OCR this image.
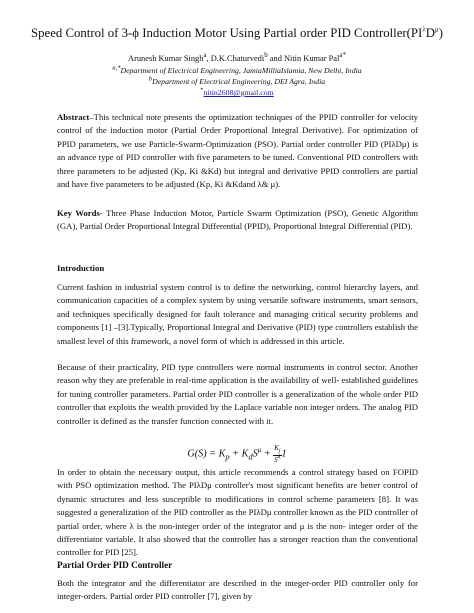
Speed Control of 3-ϕ Induction Motor Using Partial order PID $Controller(PI^\lambda D^\mu)$
Arunesh Kumar Singh$^a$, D.K.Chaturvedi$^b$ and Nitin Kumar Pal$^{a*}$
$^{a,*}$Department of Electrical Engineering, JamiaMilliaIslamia, New Delhi, India
$^b$Department of Electrical Engineering, DEI Agra, India
*nitin2608@gmail.com
Abstract–This technical note presents the optimization techniques of the PPID controller for velocity control of the induction motor (Partial Order Proportional Integral Derivative). For optimization of PPID parameters, we use Particle-Swarm-Optimization (PSO). Partial order controller PID (PIλDμ) is an advance type of PID controller with five parameters to be tuned. Conventional PID controllers with three parameters to be adjusted (Kp, Ki &Kd) but integral and derivative PPID controllers are partial and have five parameters to be adjusted (Kp, Ki &Kdand λ& μ).
Key Words- Three Phase Induction Motor, Particle Swarm Optimization (PSO), Genetic Algorithm (GA), Partial Order Proportional Integral Differential (PPID), Proportional Integral Differential (PID).
Introduction
Current fashion in industrial system control is to define the networking, control hierarchy layers, and communication capacities of a complex system by using versatile software instruments, smart sensors, and techniques specifically designed for fault tolerance and managing critical security problems and components [1] –[3].Typically, Proportional Integral and Derivative (PID) type controllers establish the smallest level of this framework, a novel form of which is addressed in this article.
Because of their practicality, PID type controllers were normal instruments in control sector. Another reason why they are preferable in real-time application is the availability of well- established guidelines for tuning controller parameters. Partial order PID controller is a generalization of the whole order PID controller that exploits the wealth provided by the Laplace variable non integer orders. The analog PID controller is defined as the transfer function connected with it.
$G(S) = K_p + K_dS^\mu + \frac{K_i}{S^\lambda} 1$
In order to obtain the necessary output, this article recommends a control strategy based on FOPID with PSO optimization method. The PIλDμ controller's most significant benefits are better control of dynamic structures and less susceptible to modifications in control scheme parameters [8]. It was suggested a generalization of the PID controller as the PIλDμ controller known as the PID controller of partial order, where λ is the non-integer order of the integrator and μ is the non- integer order of the differentiator variable. It also showed that the controller has a stronger reaction than the conventional controller for PID [25].
Partial Order PID Controller
Both the integrator and the differentiator are described in the integer-order PID controller only for integer-orders. Partial order PID controller [7], given by
